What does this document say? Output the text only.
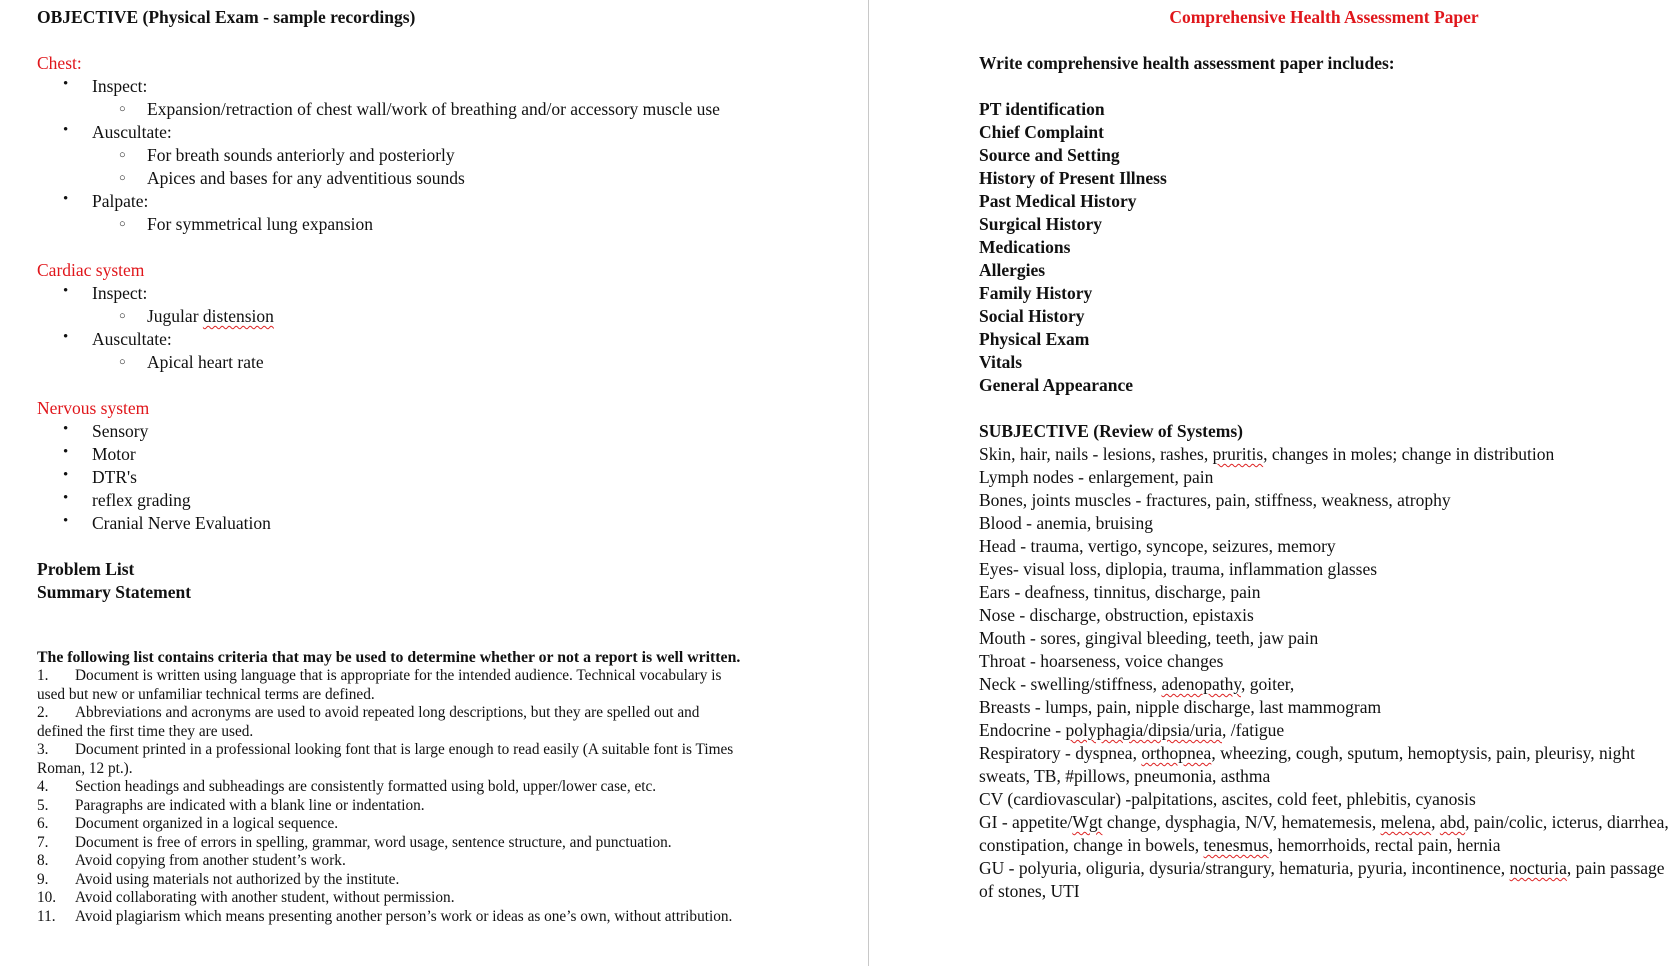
OBJECTIVE (Physical Exam - sample recordings)
Chest:
• Inspect:
○ Expansion/retraction of chest wall/work of breathing and/or accessory muscle use
• Auscultate:
○ For breath sounds anteriorly and posteriorly
○ Apices and bases for any adventitious sounds
• Palpate:
○ For symmetrical lung expansion
Cardiac system
• Inspect:
○ Jugular distension
• Auscultate:
○ Apical heart rate
Nervous system
• Sensory
• Motor
• DTR's
• reflex grading
• Cranial Nerve Evaluation
Problem List
Summary Statement
The following list contains criteria that may be used to determine whether or not a report is well written.
1. Document is written using language that is appropriate for the intended audience. Technical vocabulary is used but new or unfamiliar technical terms are defined.
2. Abbreviations and acronyms are used to avoid repeated long descriptions, but they are spelled out and defined the first time they are used.
3. Document printed in a professional looking font that is large enough to read easily (A suitable font is Times Roman, 12 pt.).
4. Section headings and subheadings are consistently formatted using bold, upper/lower case, etc.
5. Paragraphs are indicated with a blank line or indentation.
6. Document organized in a logical sequence.
7. Document is free of errors in spelling, grammar, word usage, sentence structure, and punctuation.
8. Avoid copying from another student’s work.
9. Avoid using materials not authorized by the institute.
10. Avoid collaborating with another student, without permission.
11. Avoid plagiarism which means presenting another person’s work or ideas as one’s own, without attribution.
Comprehensive Health Assessment Paper
Write comprehensive health assessment paper includes:
PT identification
Chief Complaint
Source and Setting
History of Present Illness
Past Medical History
Surgical History
Medications
Allergies
Family History
Social History
Physical Exam
Vitals
General Appearance
SUBJECTIVE (Review of Systems)
Skin, hair, nails - lesions, rashes, pruritis, changes in moles; change in distribution
Lymph nodes - enlargement, pain
Bones, joints muscles - fractures, pain, stiffness, weakness, atrophy
Blood - anemia, bruising
Head - trauma, vertigo, syncope, seizures, memory
Eyes- visual loss, diplopia, trauma, inflammation glasses
Ears - deafness, tinnitus, discharge, pain
Nose - discharge, obstruction, epistaxis
Mouth - sores, gingival bleeding, teeth, jaw pain
Throat - hoarseness, voice changes
Neck - swelling/stiffness, adenopathy, goiter,
Breasts - lumps, pain, nipple discharge, last mammogram
Endocrine - polyphagia/dipsia/uria, /fatigue
Respiratory - dyspnea, orthopnea, wheezing, cough, sputum, hemoptysis, pain, pleurisy, night sweats, TB, #pillows, pneumonia, asthma
CV (cardiovascular) -palpitations, ascites, cold feet, phlebitis, cyanosis
GI - appetite/Wgt change, dysphagia, N/V, hematemesis, melena, abd, pain/colic, icterus, diarrhea, constipation, change in bowels, tenesmus, hemorrhoids, rectal pain, hernia
GU - polyuria, oliguria, dysuria/strangury, hematuria, pyuria, incontinence, nocturia, pain passage of stones, UTI
